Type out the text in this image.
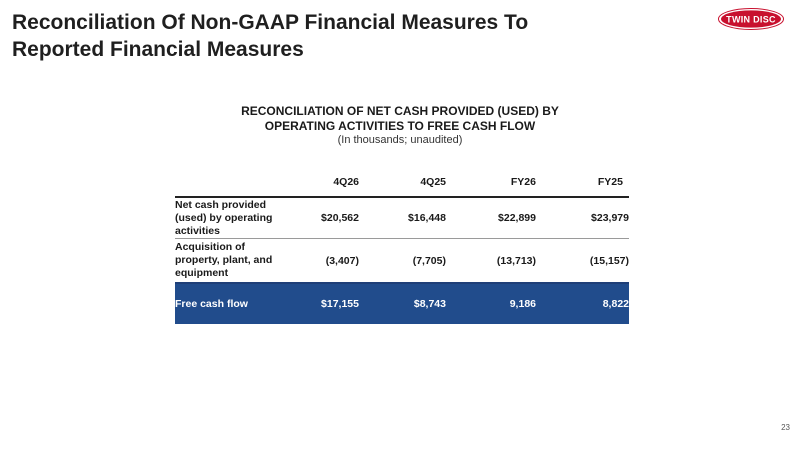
Reconciliation Of Non-GAAP Financial Measures To
Reported Financial Measures
TWIN DISC
RECONCILIATION OF NET CASH PROVIDED (USED) BY
OPERATING ACTIVITIES TO FREE CASH FLOW
(In thousands; unaudited)
	4Q26	4Q25	FY26	FY25
Net cash provided (used) by operating activities	$20,562	$16,448	$22,899	$23,979
Acquisition of property, plant, and equipment	(3,407)	(7,705)	(13,713)	(15,157)
Free cash flow	$17,155	$8,743	9,186	8,822
23
